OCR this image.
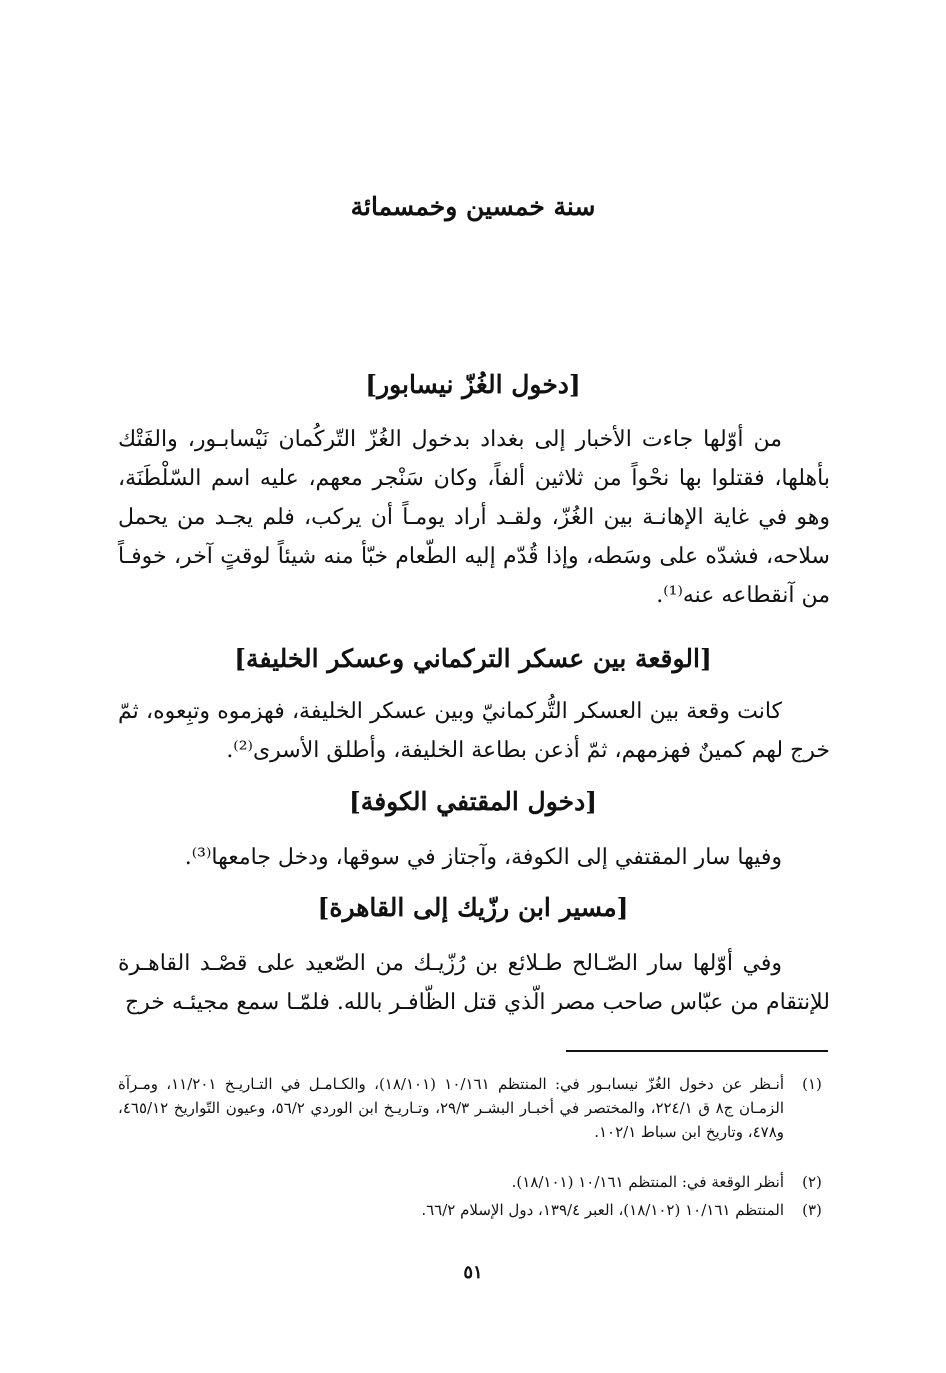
سنة خمسين وخمسمائة
[دخول الغُزّ نيسابور]
من أوّلها جاءت الأخبار إلى بغداد بدخول الغُزّ التّركُمان نَيْسابـور، والفَتْك بأهلها، فقتلوا بها نحْواً من ثلاثين ألفاً، وكان سَنْجر معهم، عليه اسم السّلْطَنَة، وهو في غاية الإهانـة بين الغُزّ، ولقـد أراد يومـاً أن يركب، فلم يجـد من يحمل سلاحه، فشدّه على وسَطه، وإذا قُدّم إليه الطّعام خبّأ منه شيئاً لوقتٍ آخر، خوفـاً من آنقطاعه عنه⁽¹⁾.
[الوقعة بين عسكر التركماني وعسكر الخليفة]
كانت وقعة بين العسكر التُّركمانيّ وبين عسكر الخليفة، فهزموه وتبِعوه، ثمّ خرج لهم كمينٌ فهزمهم، ثمّ أذعن بطاعة الخليفة، وأطلق الأسرى⁽²⁾.
[دخول المقتفي الكوفة]
وفيها سار المقتفي إلى الكوفة، وآجتاز في سوقها، ودخل جامعها⁽³⁾.
[مسير ابن رزّيك إلى القاهرة]
وفي أوّلها سار الصّـالح طـلائع بن رُزّيـك من الصّعيد على قصْـد القاهـرة للإنتقام من عبّاس صاحب مصر الّذي قتل الظّافـر بالله. فلمّـا سمع مجيئـه خرج
(١)
أنـظر عن دخول الغُزّ نيسابـور في: المنتظم ١٠/١٦١ (١٨/١٠١)، والكـامـل في التـاريـخ ١١/٢٠١، ومـرآة الزمـان ج٨ ق ٢٢٤/١، والمختصر في أخبـار البشـر ٢٩/٣، وتـاريـخ ابن الوردي ٥٦/٢، وعيون التّواريخ ٤٦٥/١٢، و٤٧٨، وتاريخ ابن سباط ١٠٢/١.
(٢)
أنظر الوقعة في: المنتظم ١٠/١٦١ (١٨/١٠١).
(٣)
المنتظم ١٠/١٦١ (١٨/١٠٢)، العبر ١٣٩/٤، دول الإسلام ٦٦/٢.
٥١
